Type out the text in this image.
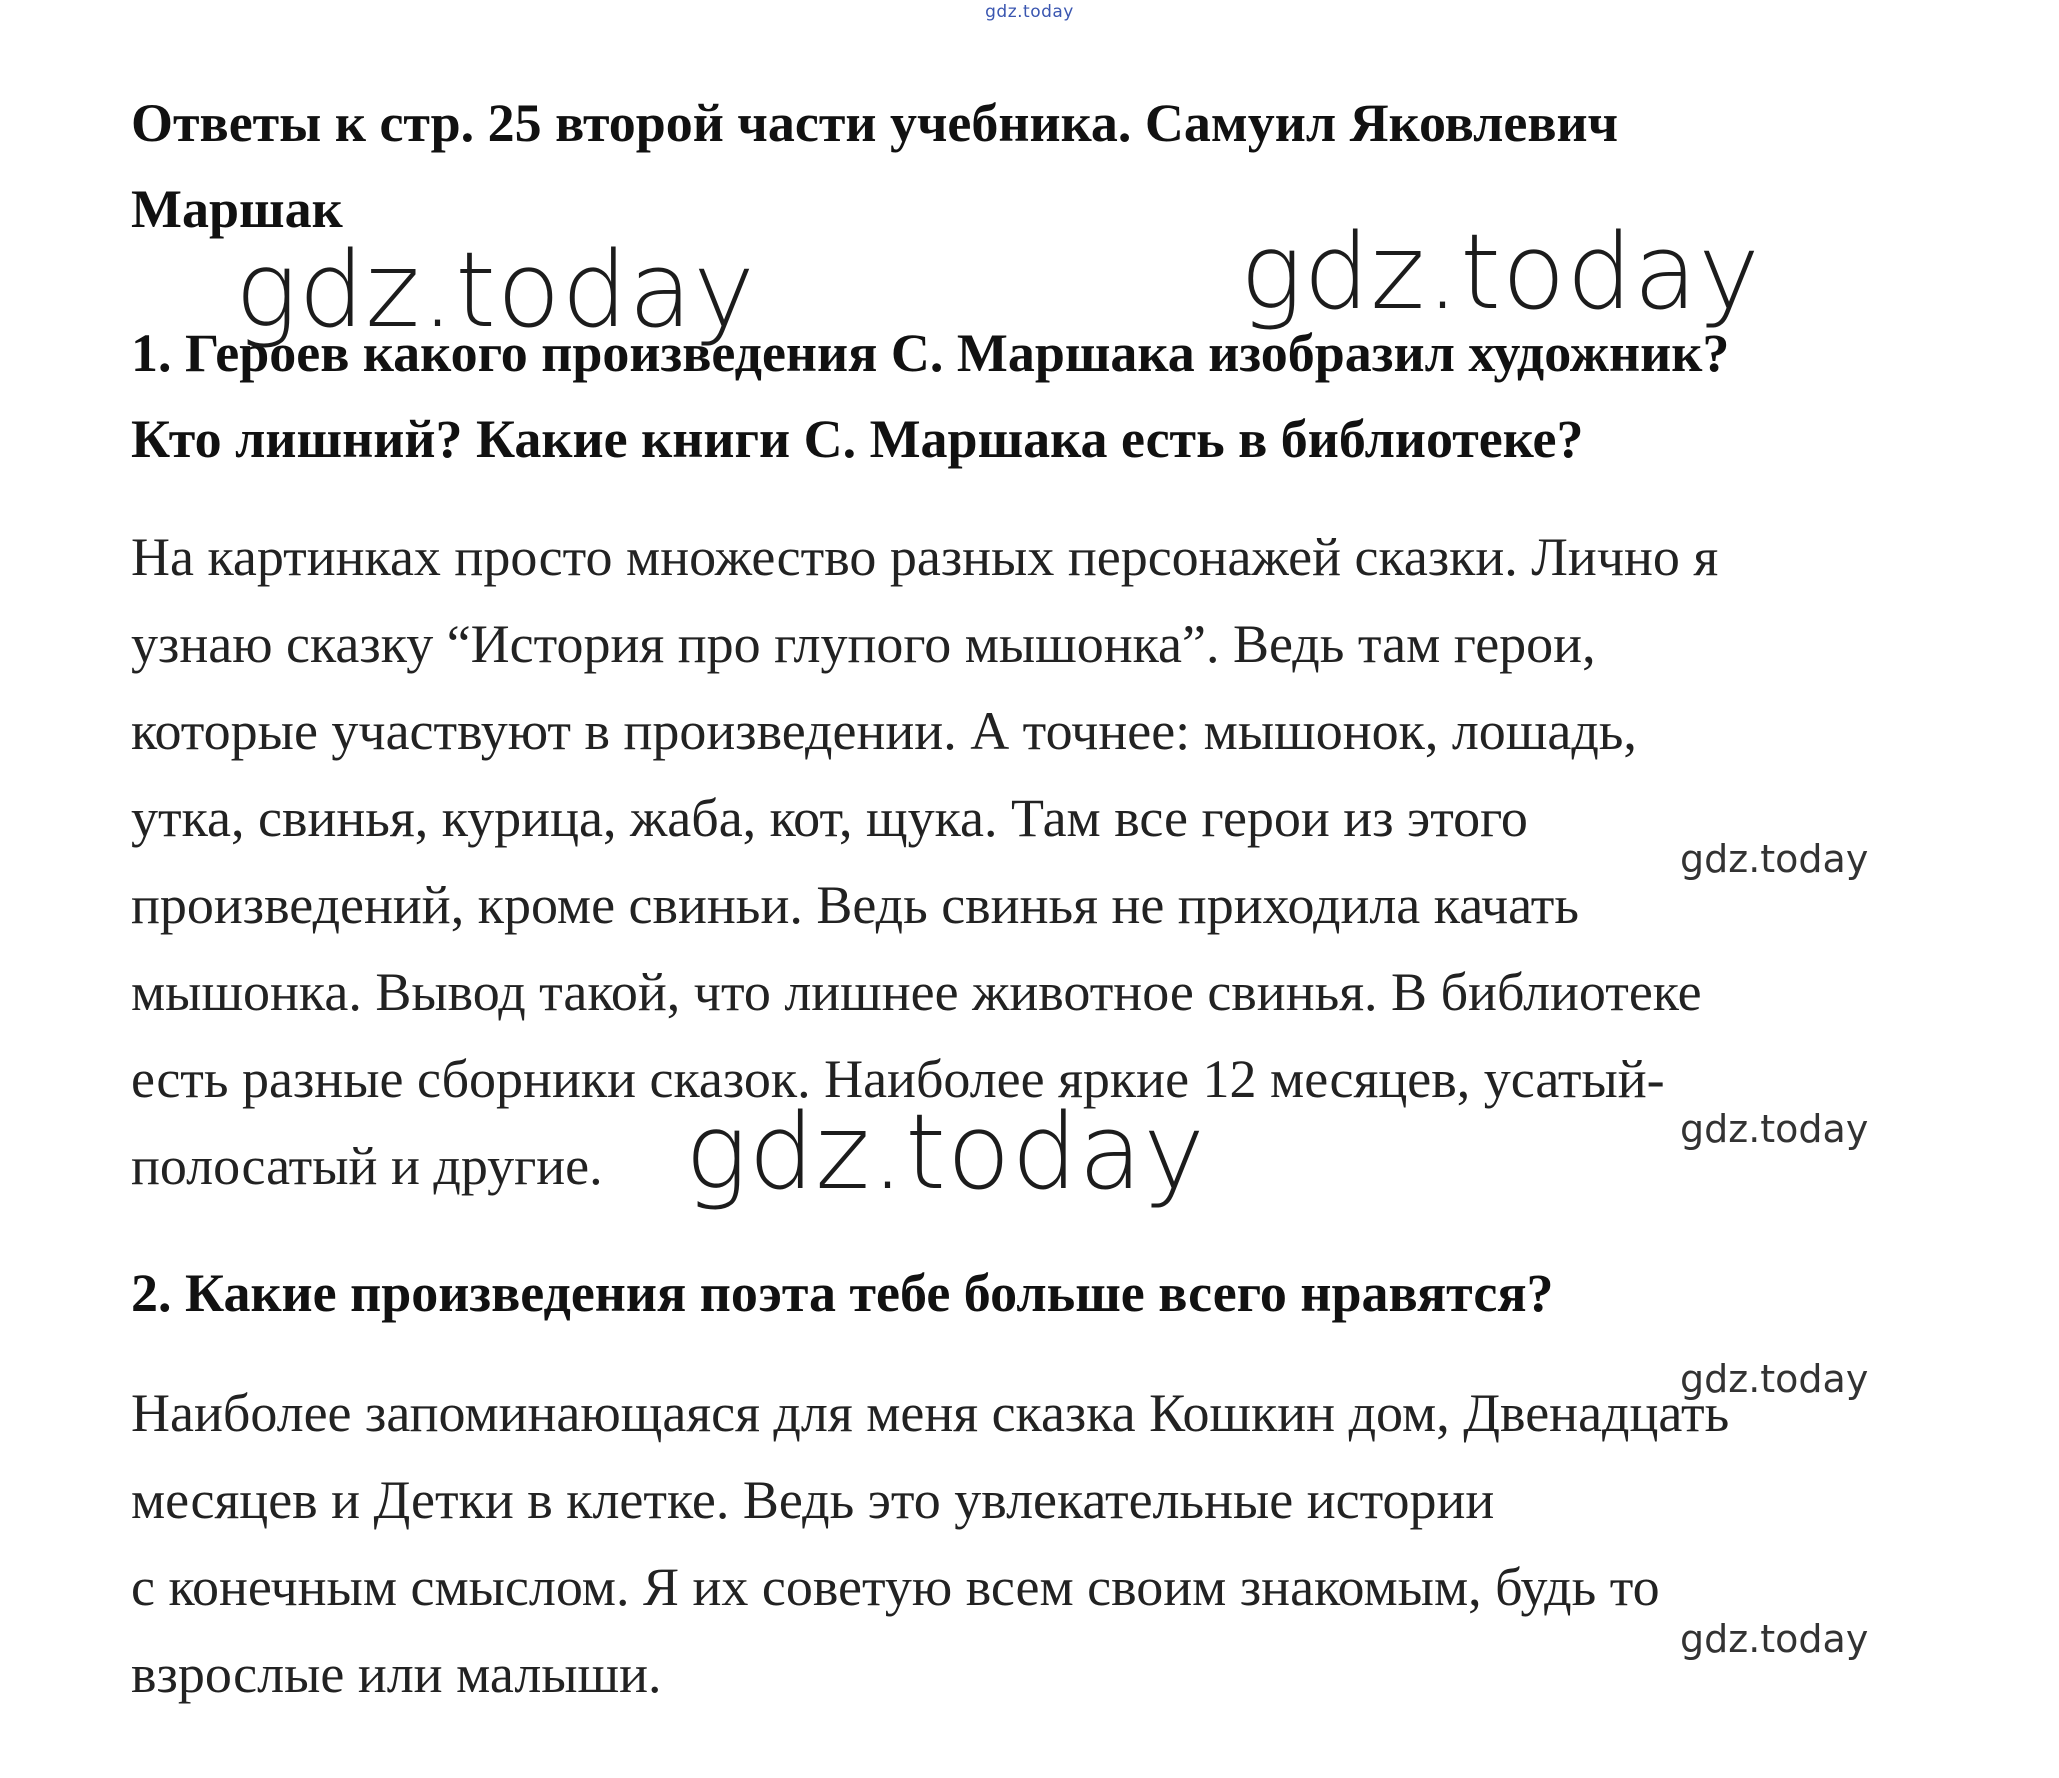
gdz.today
Ответы к стр. 25 второй части учебника. Самуил Яковлевич
Маршак
1. Героев какого произведения С. Маршака изобразил художник?
Кто лишний? Какие книги С. Маршака есть в библиотеке?
На картинках просто множество разных персонажей сказки. Лично я
узнаю сказку “История про глупого мышонка”. Ведь там герои,
которые участвуют в произведении. А точнее: мышонок, лошадь,
утка, свинья, курица, жаба, кот, щука. Там все герои из этого
произведений, кроме свиньи. Ведь свинья не приходила качать
мышонка. Вывод такой, что лишнее животное свинья. В библиотеке
есть разные сборники сказок. Наиболее яркие 12 месяцев, усатый-
полосатый и другие.
2. Какие произведения поэта тебе больше всего нравятся?
Наиболее запоминающаяся для меня сказка Кошкин дом, Двенадцать
месяцев и Детки в клетке. Ведь это увлекательные истории
с конечным смыслом. Я их советую всем своим знакомым, будь то
взрослые или малыши.
gdz.today	gdz.today
gdz.today
gdz.today
gdz.today
gdz.today
gdz.today
